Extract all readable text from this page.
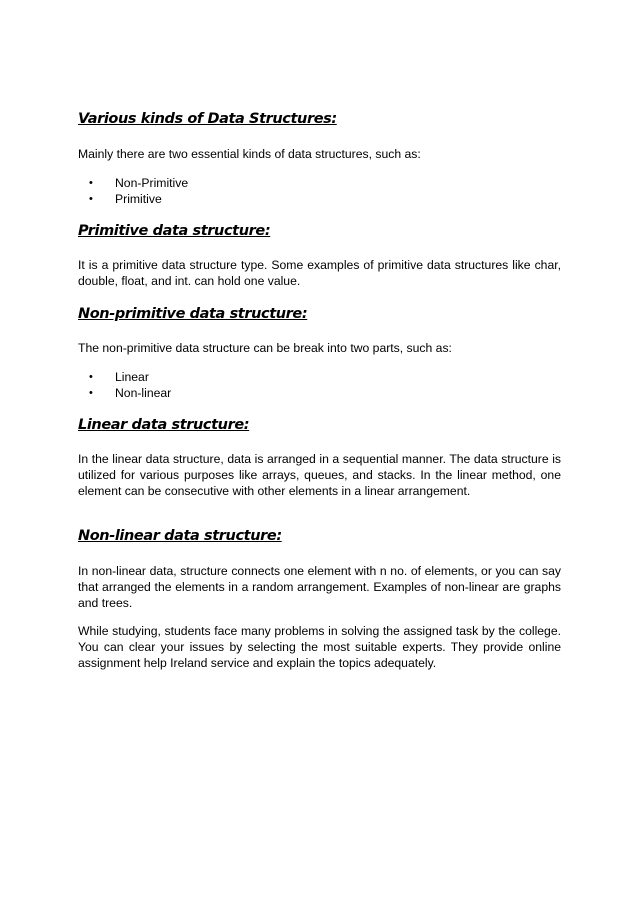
Various kinds of Data Structures:

Mainly there are two essential kinds of data structures, such as:

• Non-Primitive
• Primitive
Primitive data structure:

It is a primitive data structure type. Some examples of primitive data structures like char, double, float, and int. can hold one value.

Non-primitive data structure:

The non-primitive data structure can be break into two parts, such as:

• Linear
• Non-linear
Linear data structure:

In the linear data structure, data is arranged in a sequential manner. The data structure is utilized for various purposes like arrays, queues, and stacks. In the linear method, one element can be consecutive with other elements in a linear arrangement.

Non-linear data structure:

In non-linear data, structure connects one element with n no. of elements, or you can say that arranged the elements in a random arrangement. Examples of non-linear are graphs and trees.

While studying, students face many problems in solving the assigned task by the college. You can clear your issues by selecting the most suitable experts. They provide online assignment help Ireland service and explain the topics adequately.
